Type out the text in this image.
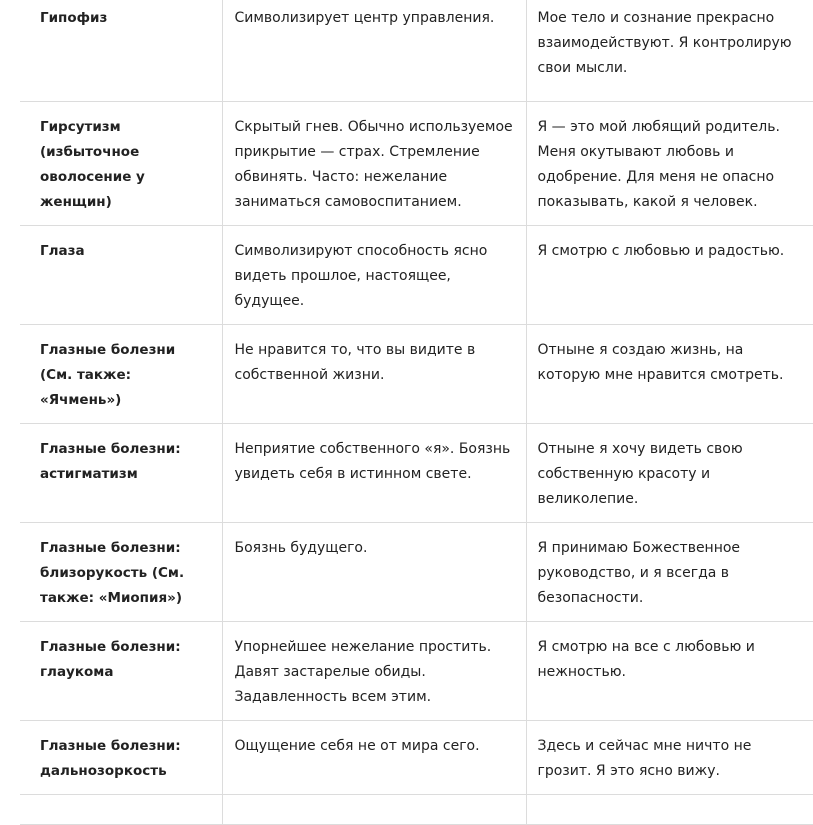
Гипофиз	Символизирует центр управления.	Мое тело и сознание прекрасно взаимодействуют. Я контролирую свои мысли.
Гирсутизм (избыточное оволосение у женщин)	Скрытый гнев. Обычно используемое прикрытие — страх. Стремление обвинять. Часто: нежелание заниматься самовоспитанием.	Я — это мой любящий родитель. Меня окутывают любовь и одобрение. Для меня не опасно показывать, какой я человек.
Глаза	Символизируют способность ясно видеть прошлое, настоящее, будущее.	Я смотрю с любовью и радостью.
Глазные болезни (См. также: «Ячмень»)	Не нравится то, что вы видите в собственной жизни.	Отныне я создаю жизнь, на которую мне нравится смотреть.
Глазные болезни: астигматизм	Неприятие собственного «я». Боязнь увидеть себя в истинном свете.	Отныне я хочу видеть свою собственную красоту и великолепие.
Глазные болезни: близорукость (См. также: «Миопия»)	Боязнь будущего.	Я принимаю Божественное руководство, и я всегда в безопасности.
Глазные болезни: глаукома	Упорнейшее нежелание простить. Давят застарелые обиды. Задавленность всем этим.	Я смотрю на все с любовью и нежностью.
Глазные болезни: дальнозоркость	Ощущение себя не от мира сего.	Здесь и сейчас мне ничто не грозит. Я это ясно вижу.
